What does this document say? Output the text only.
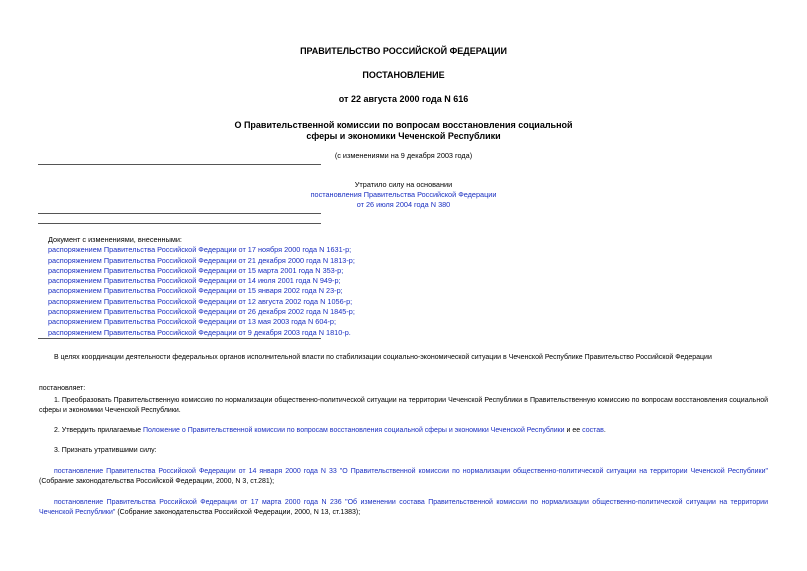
ПРАВИТЕЛЬСТВО РОССИЙСКОЙ ФЕДЕРАЦИИ
ПОСТАНОВЛЕНИЕ
от 22 августа 2000 года N 616
О Правительственной комиссии по вопросам восстановления социальной
сферы и экономики Чеченской Республики
(с изменениями на 9 декабря 2003 года)
Утратило силу на основании
постановления Правительства Российской Федерации
от 26 июля 2004 года N 380
Документ с изменениями, внесенными:
распоряжением Правительства Российской Федерации от 17 ноября 2000 года N 1631-р;
распоряжением Правительства Российской Федерации от 21 декабря 2000 года N 1813-р;
распоряжением Правительства Российской Федерации от 15 марта 2001 года N 353-р;
распоряжением Правительства Российской Федерации от 14 июля 2001 года N 949-р;
распоряжением Правительства Российской Федерации от 15 января 2002 года N 23-р;
распоряжением Правительства Российской Федерации от 12 августа 2002 года N 1056-р;
распоряжением Правительства Российской Федерации от 26 декабря 2002 года N 1845-р;
распоряжением Правительства Российской Федерации от 13 мая 2003 года N 604-р;
распоряжением Правительства Российской Федерации от 9 декабря 2003 года N 1810-р.
В целях координации деятельности федеральных органов исполнительной власти по стабилизации социально-экономической ситуации в Чеченской Республике Правительство Российской Федерации
постановляет:
1. Преобразовать Правительственную комиссию по нормализации общественно-политической ситуации на территории Чеченской Республики в Правительственную комиссию по вопросам восстановления социальной сферы и экономики Чеченской Республики.
2. Утвердить прилагаемые Положение о Правительственной комиссии по вопросам восстановления социальной сферы и экономики Чеченской Республики и ее состав.
3. Признать утратившими силу:
постановление Правительства Российской Федерации от 14 января 2000 года N 33 "О Правительственной комиссии по нормализации общественно-политической ситуации на территории Чеченской Республики" (Собрание законодательства Российской Федерации, 2000, N 3, ст.281);
постановление Правительства Российской Федерации от 17 марта 2000 года N 236 "Об изменении состава Правительственной комиссии по нормализации общественно-политической ситуации на территории Чеченской Республики" (Собрание законодательства Российской Федерации, 2000, N 13, ст.1383);
